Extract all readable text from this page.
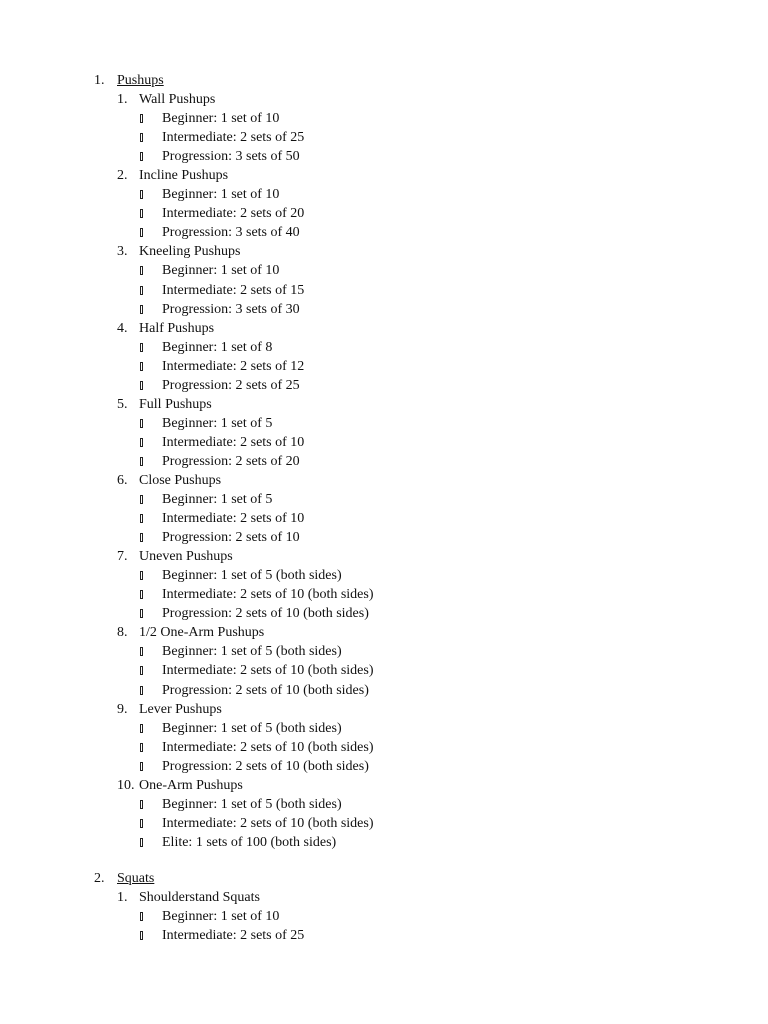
1. Pushups
1. Wall Pushups
Beginner: 1 set of 10
Intermediate: 2 sets of 25
Progression: 3 sets of 50
2. Incline Pushups
Beginner: 1 set of 10
Intermediate: 2 sets of 20
Progression: 3 sets of 40
3. Kneeling Pushups
Beginner: 1 set of 10
Intermediate: 2 sets of 15
Progression: 3 sets of 30
4. Half Pushups
Beginner: 1 set of 8
Intermediate: 2 sets of 12
Progression: 2 sets of 25
5. Full Pushups
Beginner: 1 set of 5
Intermediate: 2 sets of 10
Progression: 2 sets of 20
6. Close Pushups
Beginner: 1 set of 5
Intermediate: 2 sets of 10
Progression: 2 sets of 10
7. Uneven Pushups
Beginner: 1 set of 5 (both sides)
Intermediate: 2 sets of 10 (both sides)
Progression: 2 sets of 10 (both sides)
8. 1/2 One-Arm Pushups
Beginner: 1 set of 5 (both sides)
Intermediate: 2 sets of 10 (both sides)
Progression: 2 sets of 10 (both sides)
9. Lever Pushups
Beginner: 1 set of 5 (both sides)
Intermediate: 2 sets of 10 (both sides)
Progression: 2 sets of 10 (both sides)
10. One-Arm Pushups
Beginner: 1 set of 5 (both sides)
Intermediate: 2 sets of 10 (both sides)
Elite: 1 sets of 100 (both sides)
2. Squats
1. Shoulderstand Squats
Beginner: 1 set of 10
Intermediate: 2 sets of 25
